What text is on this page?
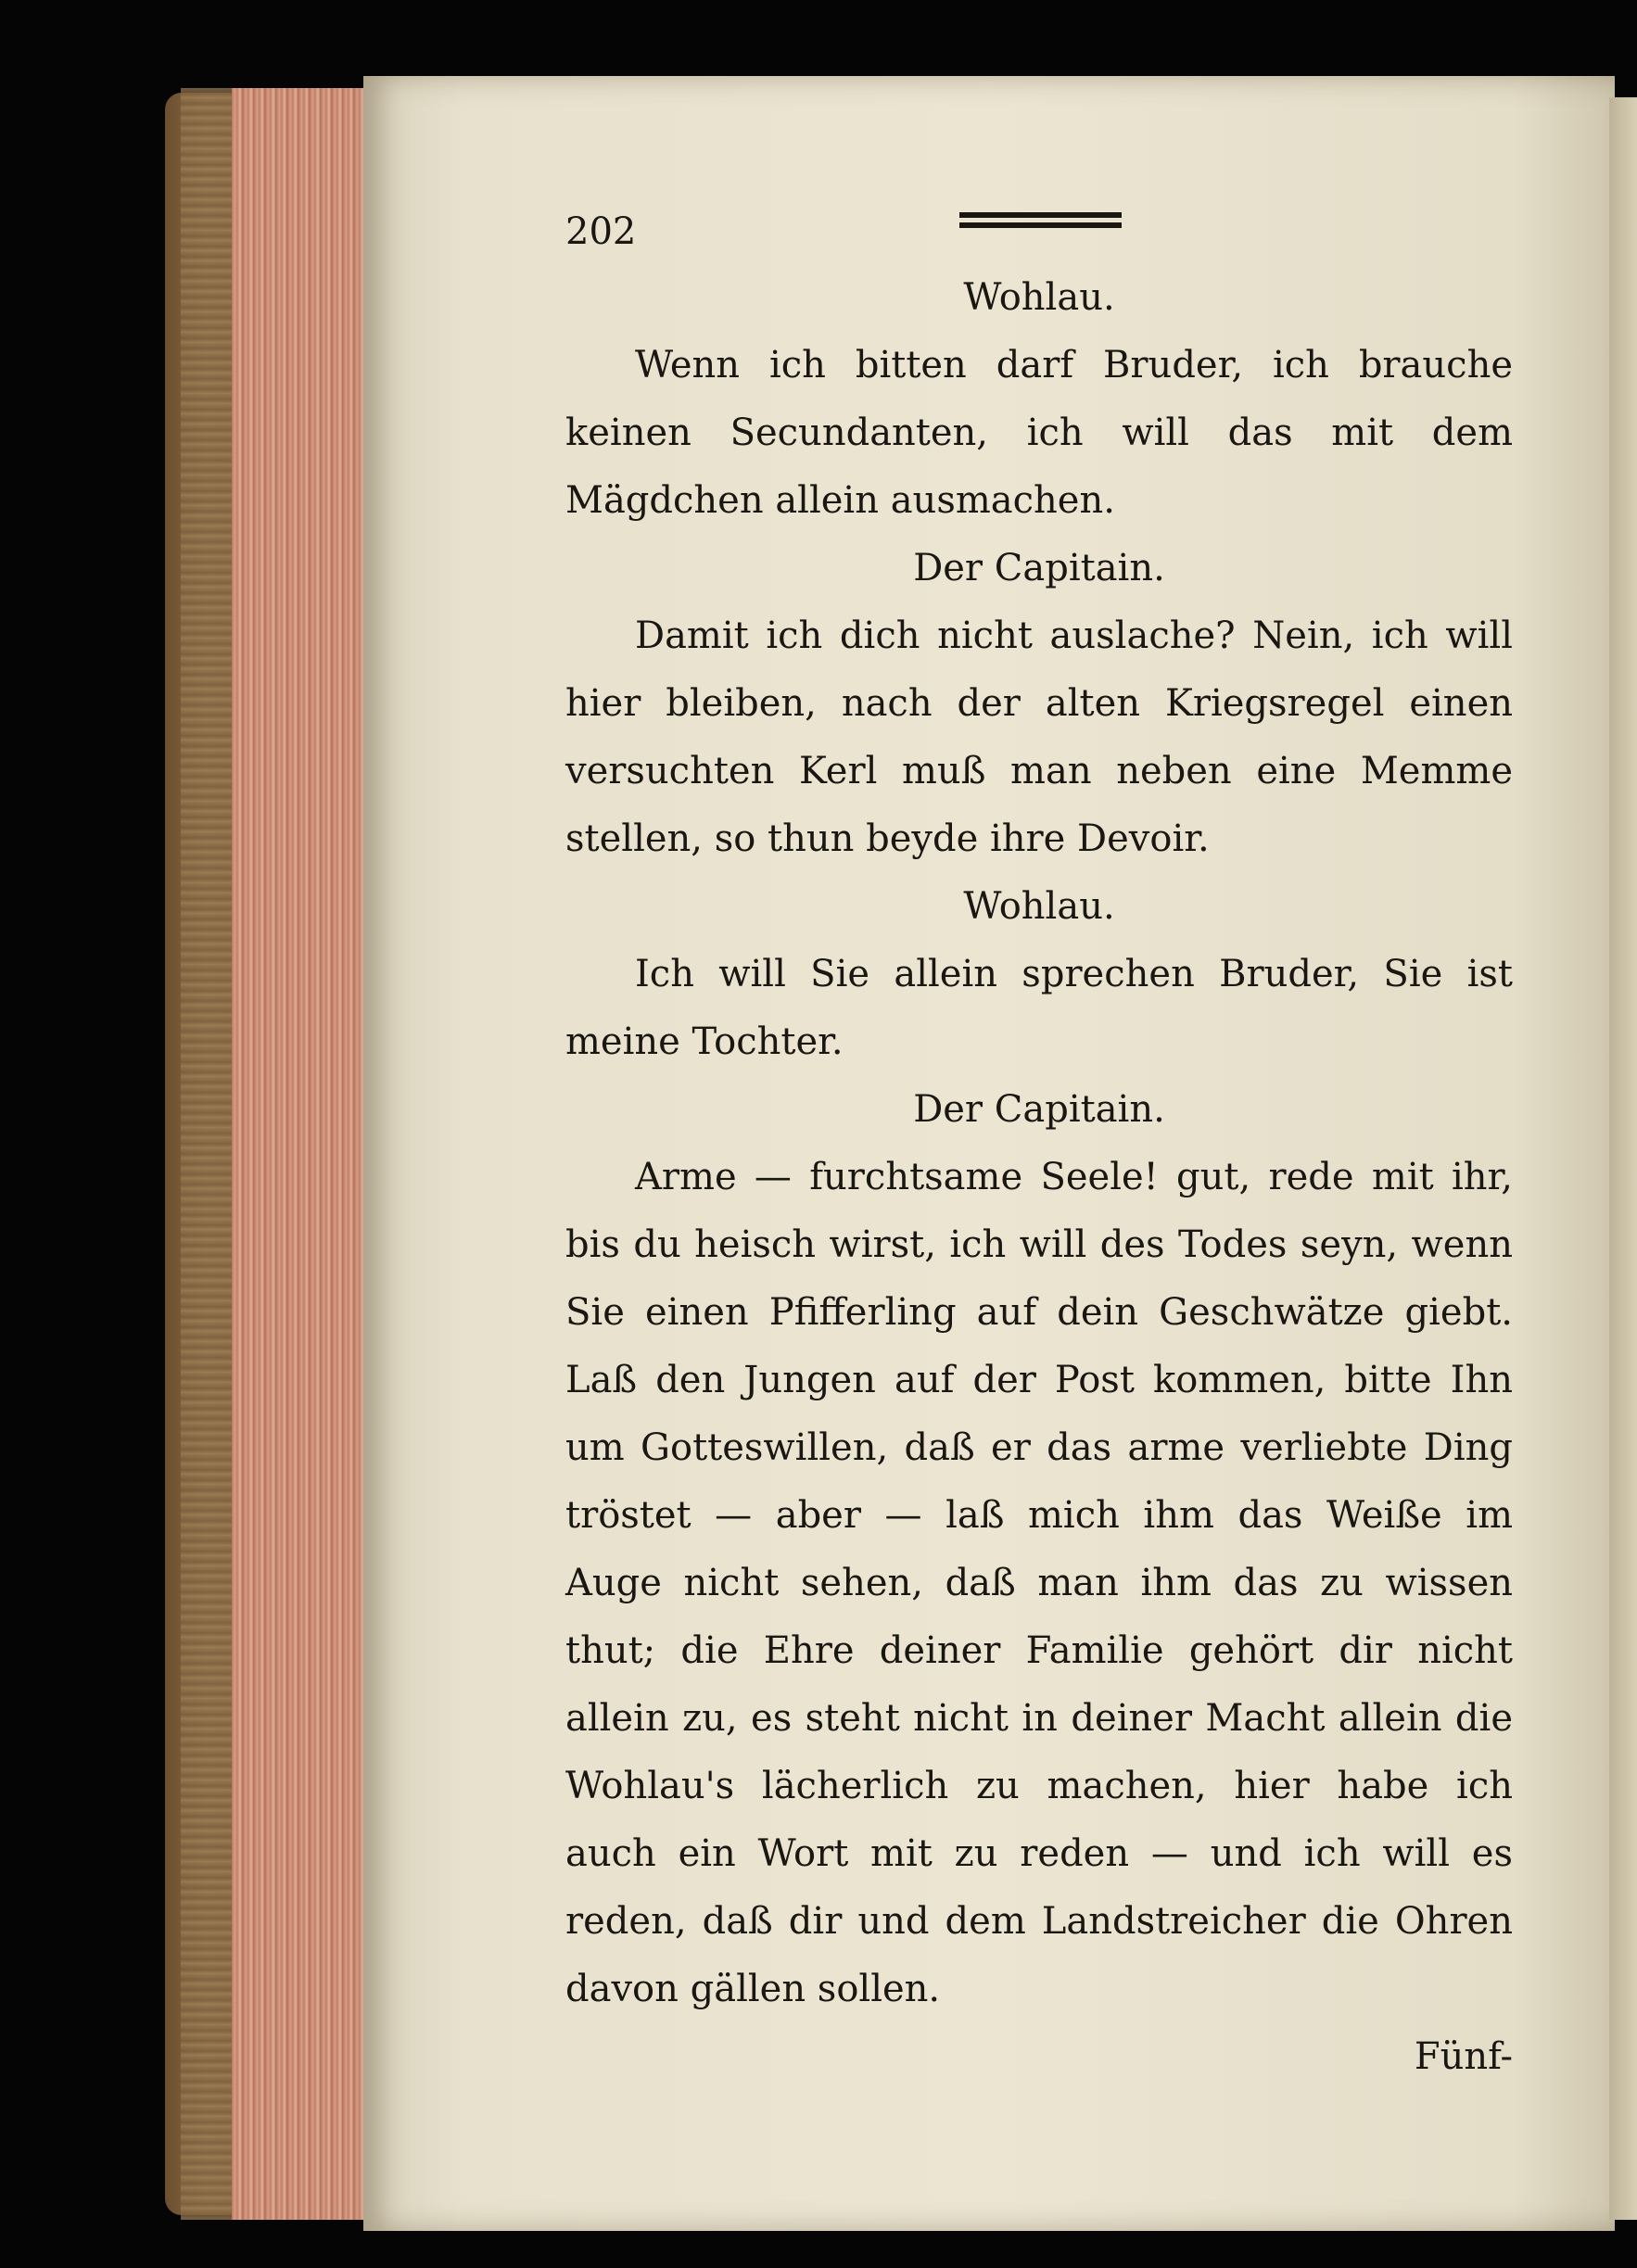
202
Wohlau.

Wenn ich bitten darf Bruder, ich brauche keinen Secundanten, ich will das mit dem Mägdchen allein ausmachen.

Der Capitain.

Damit ich dich nicht auslache? Nein, ich will hier bleiben, nach der alten Kriegsregel einen versuchten Kerl muß man neben eine Memme stellen, so thun beyde ihre Devoir.

Wohlau.

Ich will Sie allein sprechen Bruder, Sie ist meine Tochter.

Der Capitain.

Arme — furchtsame Seele! gut, rede mit ihr, bis du heisch wirst, ich will des Todes seyn, wenn Sie einen Pfifferling auf dein Geschwätze giebt. Laß den Jungen auf der Post kommen, bitte Ihn um Gotteswillen, daß er das arme verliebte Ding tröstet — aber — laß mich ihm das Weiße im Auge nicht sehen, daß man ihm das zu wissen thut; die Ehre deiner Familie gehört dir nicht allein zu, es steht nicht in deiner Macht allein die Wohlau's lächerlich zu machen, hier habe ich auch ein Wort mit zu reden — und ich will es reden, daß dir und dem Landstreicher die Ohren davon gällen sollen.

Fünf-
